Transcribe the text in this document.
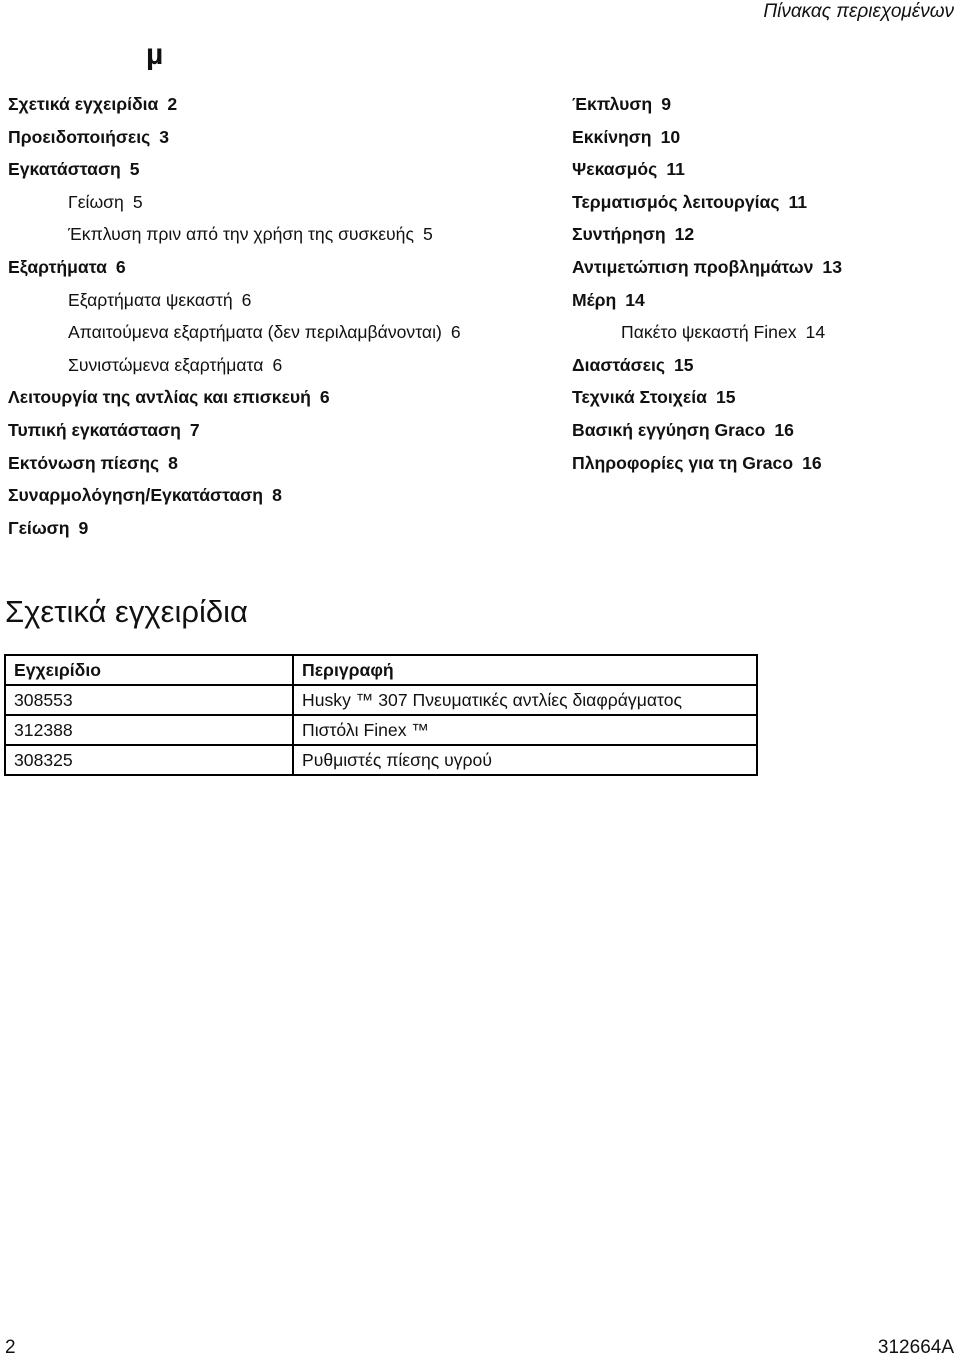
Πίνακας περιεχομένων
µ
Σχετικά εγχειρίδια 2
Προειδοποιήσεις 3
Εγκατάσταση 5
Γείωση 5
Έκπλυση πριν από την χρήση της συσκευής 5
Εξαρτήματα 6
Εξαρτήματα ψεκαστή 6
Απαιτούμενα εξαρτήματα (δεν περιλαμβάνονται) 6
Συνιστώμενα εξαρτήματα 6
Λειτουργία της αντλίας και επισκευή 6
Τυπική εγκατάσταση 7
Εκτόνωση πίεσης 8
Συναρμολόγηση/Εγκατάσταση 8
Γείωση 9
Έκπλυση 9
Εκκίνηση 10
Ψεκασμός 11
Τερματισμός λειτουργίας 11
Συντήρηση 12
Αντιμετώπιση προβλημάτων 13
Μέρη 14
Πακέτο ψεκαστή Finex 14
Διαστάσεις 15
Τεχνικά Στοιχεία 15
Βασική εγγύηση Graco 16
Πληροφορίες για τη Graco 16
Σχετικά εγχειρίδια
Εγχειρίδιο	Περιγραφή
308553	Husky ™ 307 Πνευματικές αντλίες διαφράγματος
312388	Πιστόλι Finex ™
308325	Ρυθμιστές πίεσης υγρού
2	312664A
